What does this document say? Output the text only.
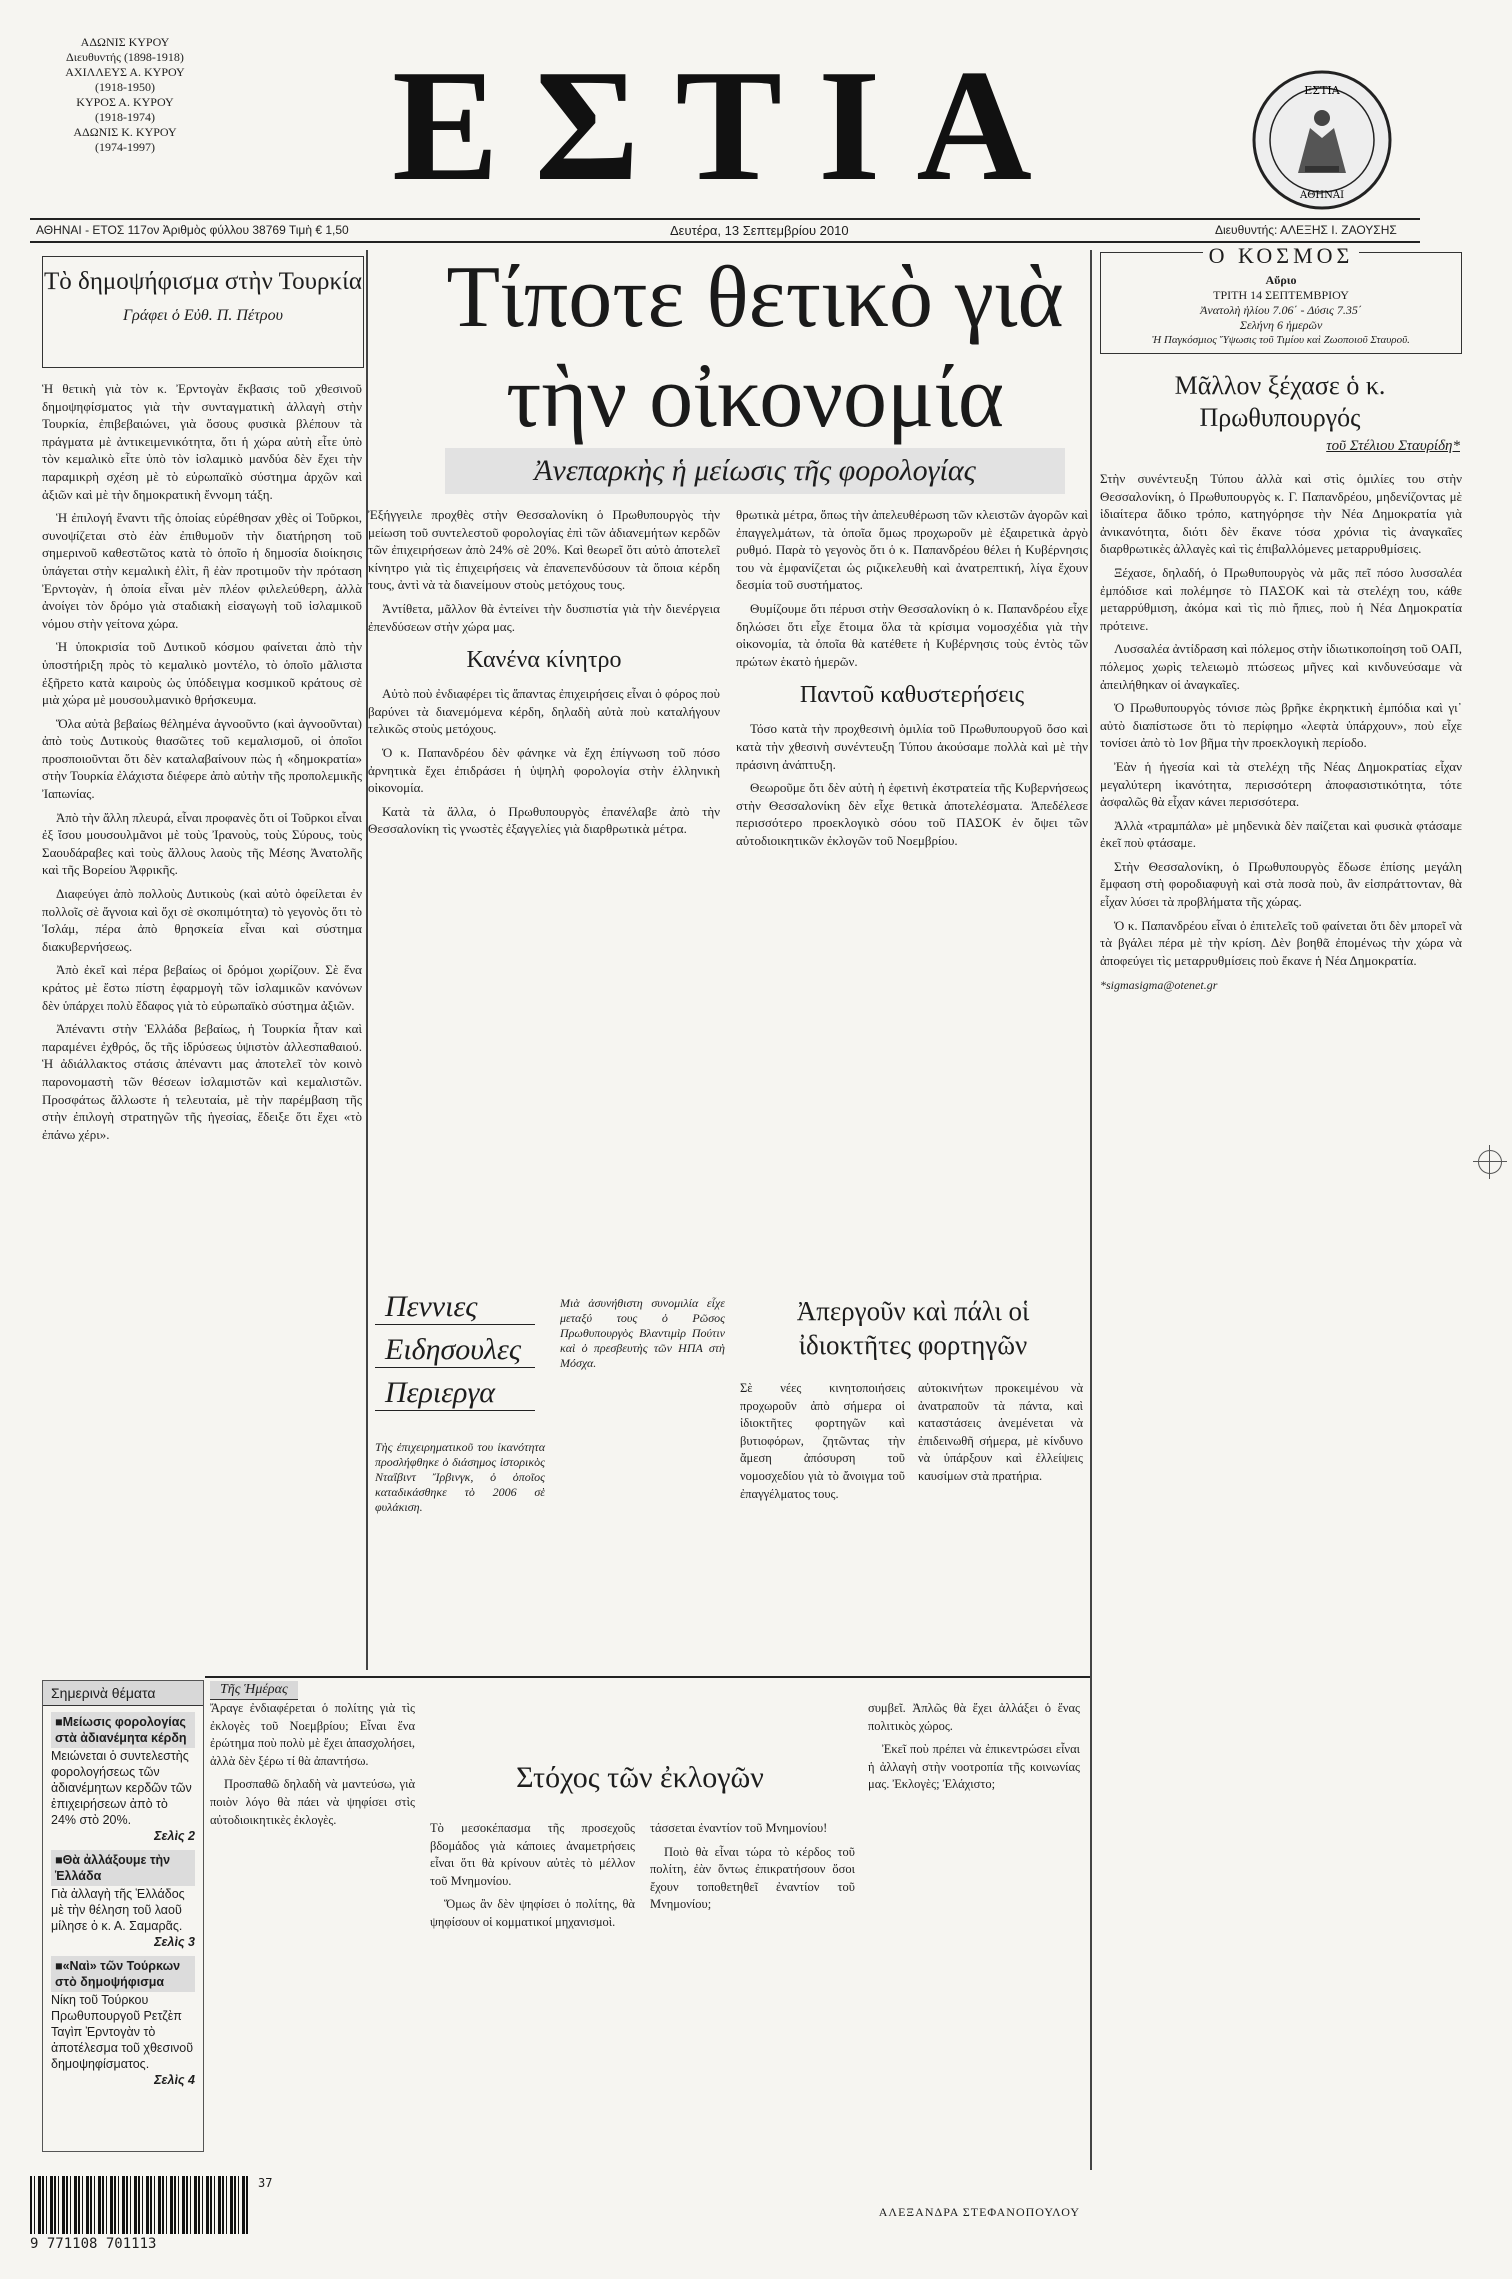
ΑΔΩΝΙΣ ΚΥΡΟΥ
Διευθυντής (1898-1918)
ΑΧΙΛΛΕΥΣ Α. ΚΥΡΟΥ
(1918-1950)
ΚΥΡΟΣ Α. ΚΥΡΟΥ
(1918-1974)
ΑΔΩΝΙΣ Κ. ΚΥΡΟΥ
(1974-1997)	ΕΣΤΙΑ	ΕΣΤΙΑ
ΑΘΗΝΑΙ
ΑΘΗΝΑΙ - ΕΤΟΣ 117ον Ἀριθμὸς φύλλου 38769 Τιμὴ € 1,50	Δευτέρα, 13 Σεπτεμβρίου 2010	Διευθυντής: ΑΛΕΞΗΣ Ι. ΖΑΟΥΣΗΣ
Τὸ δημοψήφισμα στὴν Τουρκία
Γράφει ὁ Εὐθ. Π. Πέτρου

Ἡ θετικὴ γιὰ τὸν κ. Ἐρντογὰν ἔκβασις τοῦ χθεσινοῦ δημοψηφίσματος γιὰ τὴν συνταγματικὴ ἀλλαγὴ στὴν Τουρκία, ἐπιβεβαιώνει, γιὰ ὅσους φυσικὰ βλέπουν τὰ πράγματα μὲ ἀντικειμενικότητα, ὅτι ἡ χώρα αὐτὴ εἶτε ὑπὸ τὸν κεμαλικὸ εἶτε ὑπὸ τὸν ἰσλαμικὸ μανδύα δὲν ἔχει τὴν παραμικρὴ σχέση μὲ τὸ εὐρωπαϊκὸ σύστημα ἀρχῶν καὶ ἀξιῶν καὶ μὲ τὴν δημοκρατικὴ ἔννομη τάξη.

Ἡ ἐπιλογή ἔναντι τῆς ὁποίας εὑρέθησαν χθὲς οἱ Τοῦρκοι, συνοψίζεται στὸ ἐὰν ἐπιθυμοῦν τὴν διατήρηση τοῦ σημερινοῦ καθεστῶτος κατὰ τὸ ὁποῖο ἡ δημοσία διοίκησις ὑπάγεται στὴν κεμαλικὴ ἐλὶτ, ἢ ἐὰν προτιμοῦν τὴν πρόταση Ἐρντογὰν, ἡ ὁποία εἶναι μὲν πλέον φιλελεύθερη, ἀλλὰ ἀνοίγει τὸν δρόμο γιὰ σταδιακὴ εἰσαγωγὴ τοῦ ἰσλαμικοῦ νόμου στὴν γείτονα χώρα.

Ἡ ὑποκρισία τοῦ Δυτικοῦ κόσμου φαίνεται ἀπὸ τὴν ὑποστήριξη πρὸς τὸ κεμαλικὸ μοντέλο, τὸ ὁποῖο μᾶλιστα ἐξῆρετο κατὰ καιροὺς ὡς ὑπόδειγμα κοσμικοῦ κράτους σὲ μιὰ χώρα μὲ μουσουλμανικὸ θρήσκευμα.

Ὅλα αὐτὰ βεβαίως θέλημένα ἀγνοοῦντο (καὶ ἀγνοοῦνται) ἀπὸ τοὺς Δυτικοὺς θιασῶτες τοῦ κεμαλισμοῦ, οἱ ὁποῖοι προσποιοῦνται ὅτι δὲν καταλαβαίνουν πὼς ἡ «δημοκρατία» στὴν Τουρκία ἐλάχιστα διέφερε ἀπὸ αὐτὴν τῆς προπολεμικῆς Ἰαπωνίας.

Ἀπὸ τὴν ἄλλη πλευρά, εἶναι προφανὲς ὅτι οἱ Τοῦρκοι εἶναι ἐξ ἴσου μουσουλμᾶνοι μὲ τοὺς Ἰρανοὺς, τοὺς Σύρους, τοὺς Σαουδάραβες καὶ τοὺς ἄλλους λαοὺς τῆς Μέσης Ἀνατολῆς καὶ τῆς Βορείου Ἀφρικῆς.

Διαφεύγει ἀπὸ πολλοὺς Δυτικοὺς (καὶ αὐτὸ ὀφείλεται ἐν πολλοῖς σὲ ἄγνοια καὶ ὄχι σὲ σκοπιμότητα) τὸ γεγονὸς ὅτι τὸ Ἰσλάμ, πέρα ἀπὸ θρησκεία εἶναι καὶ σύστημα διακυβερνήσεως.

Ἀπὸ ἐκεῖ καὶ πέρα βεβαίως οἱ δρόμοι χωρίζουν. Σὲ ἕνα κράτος μὲ ἔστω πίστη ἐφαρμογὴ τῶν ἰσλαμικῶν κανόνων δὲν ὑπάρχει πολὺ ἔδαφος γιὰ τὸ εὐρωπαϊκὸ σύστημα ἀξιῶν.

Ἀπέναντι στὴν Ἑλλάδα βεβαίως, ἡ Τουρκία ἦταν καὶ παραμένει ἐχθρός, ὅς τῆς ἰδρύσεως ὑψιστὸν ἀλλεσπαθαιού. Ἡ ἀδιάλλακτος στάσις ἀπέναντι μας ἀποτελεῖ τὸν κοινὸ παρονομαστὴ τῶν θέσεων ἰσλαμιστῶν καὶ κεμαλιστῶν. Προσφάτως ἄλλωστε ἡ τελευταία, μὲ τὴν παρέμβαση τῆς στὴν ἐπιλογὴ στρατηγῶν τῆς ἡγεσίας, ἔδειξε ὅτι ἔχει «τὸ ἐπάνω χέρι».

Τίποτε θετικὸ γιὰ τὴν οἰκονομία
Ἀνεπαρκὴς ἡ μείωσις τῆς φορολογίας

Ἐξήγγειλε προχθὲς στὴν Θεσσαλονίκη ὁ Πρωθυπουργὸς τὴν μείωση τοῦ συντελεστοῦ φορολογίας ἐπὶ τῶν ἀδιανεμήτων κερδῶν τῶν ἐπιχειρήσεων ἀπὸ 24% σὲ 20%. Καὶ θεωρεῖ ὅτι αὐτὸ ἀποτελεῖ κίνητρο γιὰ τὶς ἐπιχειρήσεις νὰ ἐπανεπενδύσουν τὰ ὅποια κέρδη τους, ἀντὶ νὰ τὰ διανείμουν στοὺς μετόχους τους.

Ἀντίθετα, μᾶλλον θὰ ἐντείνει τὴν δυσπιστία γιὰ τὴν διενέργεια ἐπενδύσεων στὴν χώρα μας.

Κανένα κίνητρο

Αὐτὸ ποὺ ἐνδιαφέρει τὶς ἅπαντας ἐπιχειρήσεις εἶναι ὁ φόρος ποὺ βαρύνει τὰ διανεμόμενα κέρδη, δηλαδὴ αὐτὰ ποὺ καταλήγουν τελικῶς στοὺς μετόχους.

Ὁ κ. Παπανδρέου δὲν φάνηκε νὰ ἔχη ἐπίγνωση τοῦ πόσο ἀρνητικὰ ἔχει ἐπιδράσει ἡ ὑψηλὴ φορολογία στὴν ἑλληνικὴ οἰκονομία.

Κατὰ τὰ ἄλλα, ὁ Πρωθυπουργὸς ἐπανέλαβε ἀπὸ τὴν Θεσσαλονίκη τὶς γνωστὲς ἐξαγγελίες γιὰ διαρθρωτικὰ μέτρα.

θρωτικὰ μέτρα, ὅπως τὴν ἀπελευθέρωση τῶν κλειστῶν ἀγορῶν καὶ ἐπαγγελμάτων, τὰ ὁποῖα ὅμως προχωροῦν μὲ ἐξαιρετικὰ ἀργὸ ρυθμό. Παρὰ τὸ γεγονὸς ὅτι ὁ κ. Παπανδρέου θέλει ἡ Κυβέρνησις του νὰ ἐμφανίζεται ὡς ριζικελευθὴ καὶ ἀνατρεπτική, λίγα ἔχουν δεσμία τοῦ συστήματος.

Θυμίζουμε ὅτι πέρυσι στὴν Θεσσαλονίκη ὁ κ. Παπανδρέου εἶχε δηλώσει ὅτι εἶχε ἕτοιμα ὅλα τὰ κρίσιμα νομοσχέδια γιὰ τὴν οἰκονομία, τὰ ὁποῖα θὰ κατέθετε ἡ Κυβέρνησις τοὺς ἐντὸς τῶν πρώτων ἑκατὸ ἡμερῶν.

Παντοῦ καθυστερήσεις

Τόσο κατὰ τὴν προχθεσινὴ ὁμιλία τοῦ Πρωθυπουργοῦ ὅσο καὶ κατὰ τὴν χθεσινὴ συνέντευξη Τύπου ἀκούσαμε πολλὰ καὶ μὲ τὴν πράσινη ἀνάπτυξη.

Θεωροῦμε ὅτι δὲν αὐτὴ ἡ ἐφετινὴ ἐκστρατεία τῆς Κυβερνήσεως στὴν Θεσσαλονίκη δὲν εἶχε θετικὰ ἀποτελέσματα. Ἀπεδέλεσε περισσότερο προεκλογικὸ σόου τοῦ ΠΑΣΟΚ ἐν ὄψει τῶν αὐτοδιοικητικῶν ἐκλογῶν τοῦ Νοεμβρίου.

Πεννιες
Ειδησουλες
Περιεργα
Τὴς ἐπιχειρηματικοῦ του ἰκανότητα προσλήφθηκε ὁ διάσημος ἱστορικὸς Νταΐβιντ Ἴρβινγκ, ὁ ὁποῖος καταδικάσθηκε τὸ 2006 σὲ φυλάκιση.
Μιὰ ἀσυνήθιστη συνομιλία εἶχε μεταξύ τους ὁ Ρῶσος Πρωθυπουργὸς Βλαντιμὶρ Πούτιν καὶ ὁ πρεσβευτὴς τῶν ΗΠΑ στὴ Μόσχα.
Ἀπεργοῦν καὶ πάλι οἱ ἰδιοκτῆτες φορτηγῶν
Σὲ νέες κινητοποιήσεις προχωροῦν ἀπὸ σήμερα οἱ ἰδιοκτῆτες φορτηγῶν καὶ βυτιοφόρων, ζητῶντας τὴν ἄμεση ἀπόσυρση τοῦ νομοσχεδίου γιὰ τὸ ἄνοιγμα τοῦ ἐπαγγέλματος τους.
αὐτοκινήτων προκειμένου νὰ ἀνατραποῦν τὰ πάντα, καὶ καταστάσεις ἀνεμένεται νὰ ἐπιδεινωθῆ σήμερα, μὲ κίνδυνο νὰ ὑπάρξουν καὶ ἐλλείψεις καυσίμων στὰ πρατήρια.
Ο ΚΟΣΜΟΣ
Αὔριο
ΤΡΙΤΗ 14 ΣΕΠΤΕΜΒΡΙΟΥ
Ἀνατολὴ ἡλίου 7.06΄ - Δύσις 7.35΄
Σελήνη 6 ἡμερῶν
Ἡ Παγκόσμιος Ὕψωσις τοῦ Τιμίου καὶ Ζωοποιοῦ Σταυροῦ.
Μᾶλλον ξέχασε ὁ κ. Πρωθυπουργός
τοῦ Στέλιου Σταυρίδη*

Στὴν συνέντευξη Τύπου ἀλλὰ καὶ στὶς ὁμιλίες του στὴν Θεσσαλονίκη, ὁ Πρωθυπουργὸς κ. Γ. Παπανδρέου, μηδενίζοντας μὲ ἰδιαίτερα ἄδικο τρόπο, κατηγόρησε τὴν Νέα Δημοκρατία γιὰ ἀνικανότητα, διότι δὲν ἔκανε τόσα χρόνια τὶς ἀναγκαῖες διαρθρωτικὲς ἀλλαγὲς καὶ τὶς ἐπιβαλλόμενες μεταρρυθμίσεις.

Ξέχασε, δηλαδή, ὁ Πρωθυπουργὸς νὰ μᾶς πεῖ πόσο λυσσαλέα ἐμπόδισε καὶ πολέμησε τὸ ΠΑΣΟΚ καὶ τὰ στελέχη του, κάθε μεταρρύθμιση, ἀκόμα καὶ τὶς πιὸ ἤπιες, ποὺ ἡ Νέα Δημοκρατία πρότεινε.

Λυσσαλέα ἀντίδραση καὶ πόλεμος στὴν ἰδιωτικοποίηση τοῦ ΟΑΠ, πόλεμος χωρὶς τελειωμὸ πτώσεως μῆνες καὶ κινδυνεύσαμε νὰ ἀπειλήθηκαν οἱ ἀναγκαῖες.

Ὁ Πρωθυπουργὸς τόνισε πὼς βρῆκε ἐκρηκτικὴ ἐμπόδια καὶ γι᾿ αὐτὸ διαπίστωσε ὅτι τὸ περίφημο «λεφτὰ ὑπάρχουν», ποὺ εἶχε τονίσει ἀπὸ τὸ 1ον βῆμα τὴν προεκλογικὴ περίοδο.

Ἐὰν ἡ ἡγεσία καὶ τὰ στελέχη τῆς Νέας Δημοκρατίας εἶχαν μεγαλύτερη ἱκανότητα, περισσότερη ἀποφασιστικότητα, τότε ἀσφαλῶς θὰ εἶχαν κάνει περισσότερα.

Ἀλλὰ «τραμπάλα» μὲ μηδενικὰ δὲν παίζεται καὶ φυσικὰ φτάσαμε ἐκεῖ ποὺ φτάσαμε.

Στὴν Θεσσαλονίκη, ὁ Πρωθυπουργὸς ἔδωσε ἐπίσης μεγάλη ἔμφαση στὴ φοροδιαφυγὴ καὶ στὰ ποσὰ ποὺ, ἂν εἰσπράττονταν, θὰ εἶχαν λύσει τὰ προβλήματα τῆς χώρας.

Ὁ κ. Παπανδρέου εἶναι ὁ ἐπιτελεῖς τοῦ φαίνεται ὅτι δὲν μπορεῖ νὰ τὰ βγάλει πέρα μὲ τὴν κρίση. Δὲν βοηθᾶ ἐπομένως τὴν χώρα νὰ ἀποφεύγει τὶς μεταρρυθμίσεις ποὺ ἔκανε ἡ Νέα Δημοκρατία.

*sigmasigma@otenet.gr
Σημερινὰ θέματα
■ Μείωσις φορολογίας στὰ ἀδιανέμητα κέρδη
Μειώνεται ὁ συντελεστὴς φορολογήσεως τῶν ἀδιανέμητων κερδῶν τῶν ἐπιχειρήσεων ἀπὸ τὸ 24% στὸ 20%.
Σελὶς 2
■ Θὰ ἀλλάξουμε τὴν Ἑλλάδα
Γιὰ ἀλλαγὴ τῆς Ἑλλάδος μὲ τὴν θέληση τοῦ λαοῦ μίλησε ὁ κ. Α. Σαμαρᾶς.
Σελὶς 3
■ «Ναὶ» τῶν Τούρκων στὸ δημοψήφισμα
Νίκη τοῦ Τούρκου Πρωθυπουργοῦ Ρετζὲπ Ταγὶπ Ἐρντογὰν τὸ ἀποτέλεσμα τοῦ χθεσινοῦ δημοψηφίσματος.
Σελὶς 4
37
9 771108 701113
Τῆς Ἡμέρας
Στόχος τῶν ἐκλογῶν

Ἄραγε ἐνδιαφέρεται ὁ πολίτης γιὰ τὶς ἐκλογὲς τοῦ Νοεμβρίου; Εἶναι ἕνα ἐρώτημα ποὺ πολὺ μὲ ἔχει ἀπασχολήσει, ἀλλὰ δὲν ξέρω τί θὰ ἀπαντήσω.

Προσπαθῶ δηλαδὴ νὰ μαντεύσω, γιὰ ποιὸν λόγο θὰ πάει νὰ ψηφίσει στὶς αὐτοδιοικητικὲς ἐκλογὲς.

Τὸ μεσοκέπασμα τῆς προσεχοῦς βδομάδος γιὰ κάποιες ἀναμετρήσεις εἶναι ὅτι θὰ κρίνουν αὐτὲς τὸ μέλλον τοῦ Μνημονίου.

Ὅμως ἂν δὲν ψηφίσει ὁ πολίτης, θὰ ψηφίσουν οἱ κομματικοί μηχανισμοὶ.

τάσσεται ἐναντίον τοῦ Μνημονίου!

Ποιὸ θὰ εἶναι τώρα τὸ κέρδος τοῦ πολίτη, ἐὰν ὅντως ἐπικρατήσουν ὅσοι ἔχουν τοποθετηθεῖ ἐναντίον τοῦ Μνημονίου;

συμβεῖ. Ἀπλῶς θὰ ἔχει ἀλλάξει ὁ ἕνας πολιτικὸς χώρος.

Ἐκεῖ ποὺ πρέπει νὰ ἐπικεντρώσει εἶναι ἡ ἀλλαγὴ στὴν νοοτροπία τῆς κοινωνίας μας. Ἐκλογὲς; Ἐλάχιστο;

ΑΛΕΞΑΝΔΡΑ ΣΤΕΦΑΝΟΠΟΥΛΟΥ
